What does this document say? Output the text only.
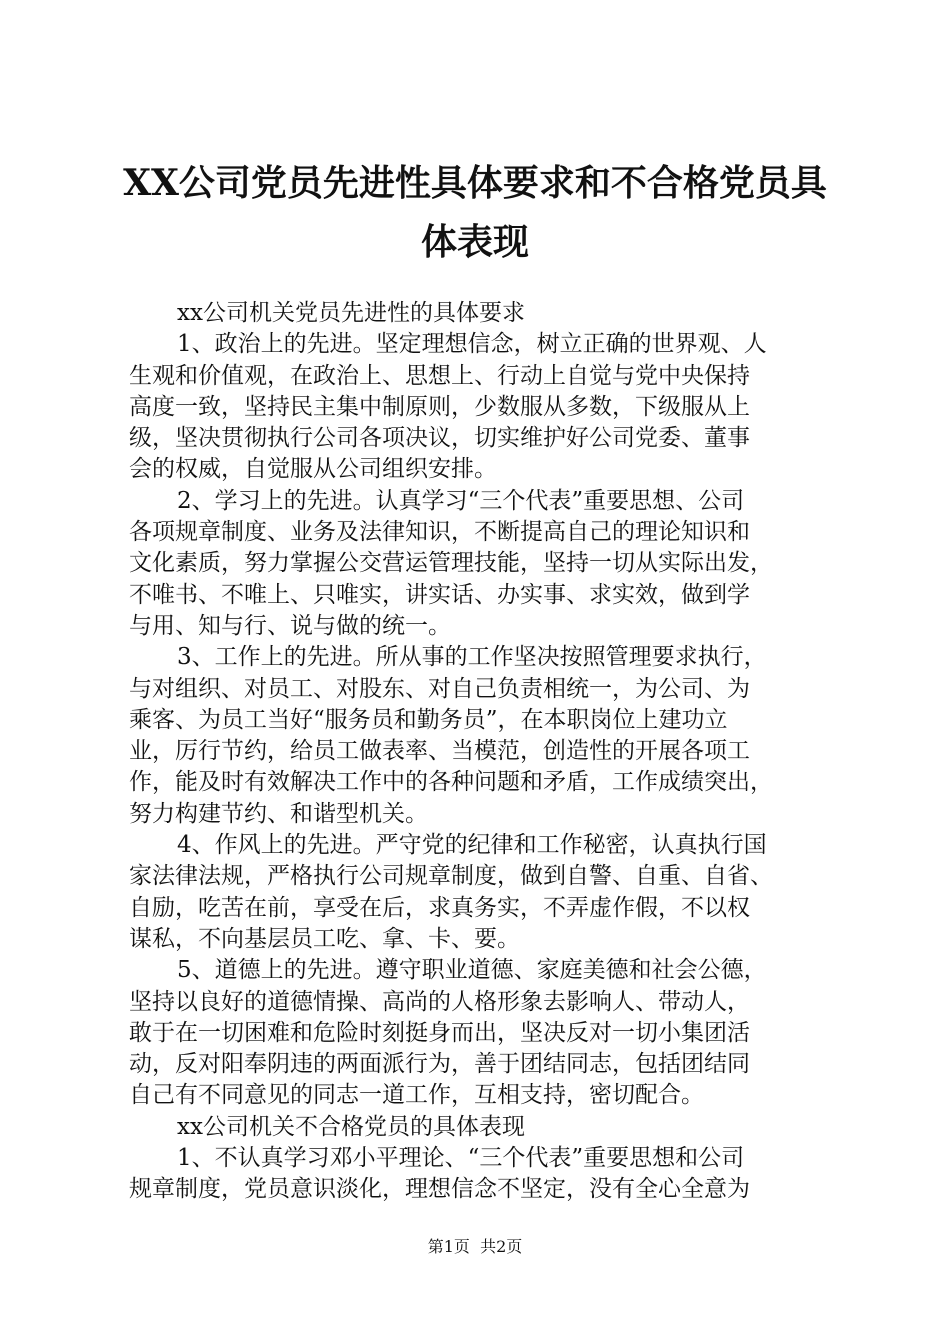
XX公司党员先进性具体要求和不合格党员具
体表现
xx公司机关党员先进性的具体要求
1、政治上的先进。坚定理想信念，树立正确的世界观、人
生观和价值观，在政治上、思想上、行动上自觉与党中央保持
高度一致，坚持民主集中制原则，少数服从多数，下级服从上
级，坚决贯彻执行公司各项决议，切实维护好公司党委、董事
会的权威，自觉服从公司组织安排。
2、学习上的先进。认真学习“三个代表”重要思想、公司
各项规章制度、业务及法律知识，不断提高自己的理论知识和
文化素质，努力掌握公交营运管理技能，坚持一切从实际出发，
不唯书、不唯上、只唯实，讲实话、办实事、求实效，做到学
与用、知与行、说与做的统一。
3、工作上的先进。所从事的工作坚决按照管理要求执行，
与对组织、对员工、对股东、对自己负责相统一，为公司、为
乘客、为员工当好“服务员和勤务员”，在本职岗位上建功立
业，厉行节约，给员工做表率、当模范，创造性的开展各项工
作，能及时有效解决工作中的各种问题和矛盾，工作成绩突出，
努力构建节约、和谐型机关。
4、作风上的先进。严守党的纪律和工作秘密，认真执行国
家法律法规，严格执行公司规章制度，做到自警、自重、自省、
自励，吃苦在前，享受在后，求真务实，不弄虚作假，不以权
谋私，不向基层员工吃、拿、卡、要。
5、道德上的先进。遵守职业道德、家庭美德和社会公德，
坚持以良好的道德情操、高尚的人格形象去影响人、带动人，
敢于在一切困难和危险时刻挺身而出，坚决反对一切小集团活
动，反对阳奉阴违的两面派行为，善于团结同志，包括团结同
自己有不同意见的同志一道工作，互相支持，密切配合。
xx公司机关不合格党员的具体表现
1、不认真学习邓小平理论、“三个代表”重要思想和公司
规章制度，党员意识淡化，理想信念不坚定，没有全心全意为
第1页  共2页
